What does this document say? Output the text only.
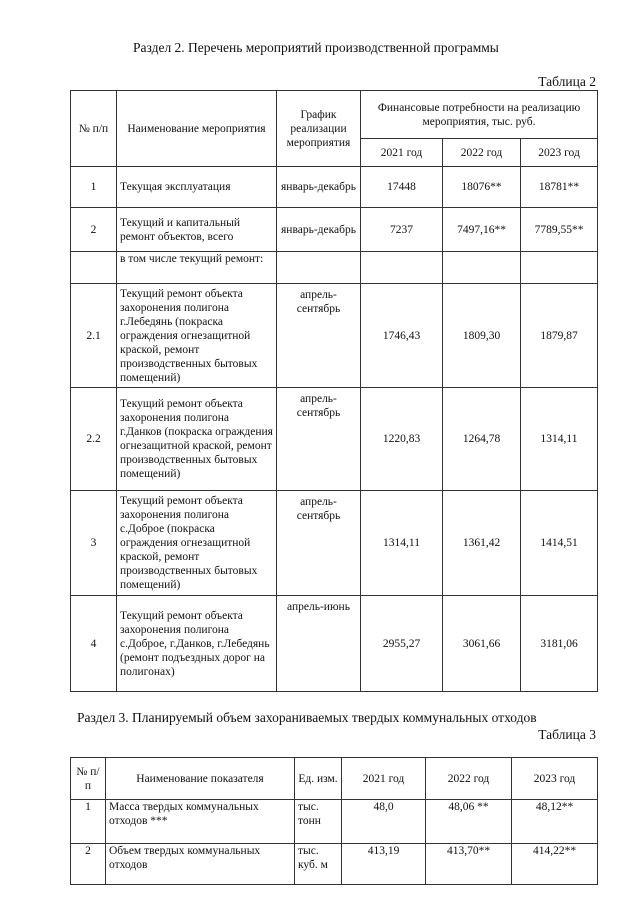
Раздел 2. Перечень мероприятий производственной программы
Таблица 2
№ п/п	Наименование мероприятия	График реализации мероприятия	Финансовые потребности на реализацию мероприятия, тыс. руб.		
			2021 год	2022 год	2023 год
1	Текущая эксплуатация	январь-декабрь	17448	18076**	18781**
2	Текущий и капитальный ремонт объектов, всего	январь-декабрь	7237	7497,16**	7789,55**
	в том числе текущий ремонт:				
2.1	Текущий ремонт объекта захоронения полигона г.Лебедянь (покраска ограждения огнезащитной краской, ремонт производственных бытовых помещений)	апрель-сентябрь	1746,43	1809,30	1879,87
2.2	Текущий ремонт объекта захоронения полигона г.Данков (покраска ограждения огнезащитной краской, ремонт производственных бытовых помещений)	апрель-сентябрь	1220,83	1264,78	1314,11
3	Текущий ремонт объекта захоронения полигона с.Доброе (покраска ограждения огнезащитной краской, ремонт производственных бытовых помещений)	апрель-сентябрь	1314,11	1361,42	1414,51
4	Текущий ремонт объекта захоронения полигона с.Доброе, г.Данков, г.Лебедянь (ремонт подъездных дорог на полигонах)	апрель-июнь	2955,27	3061,66	3181,06
Раздел 3. Планируемый объем захораниваемых твердых коммунальных отходов
Таблица 3
№ п/п	Наименование показателя	Ед. изм.	2021 год	2022 год	2023 год
1	Масса твердых коммунальных отходов ***	тыс. тонн	48,0	48,06 **	48,12**
2	Объем твердых коммунальных отходов	тыс. куб. м	413,19	413,70**	414,22**
